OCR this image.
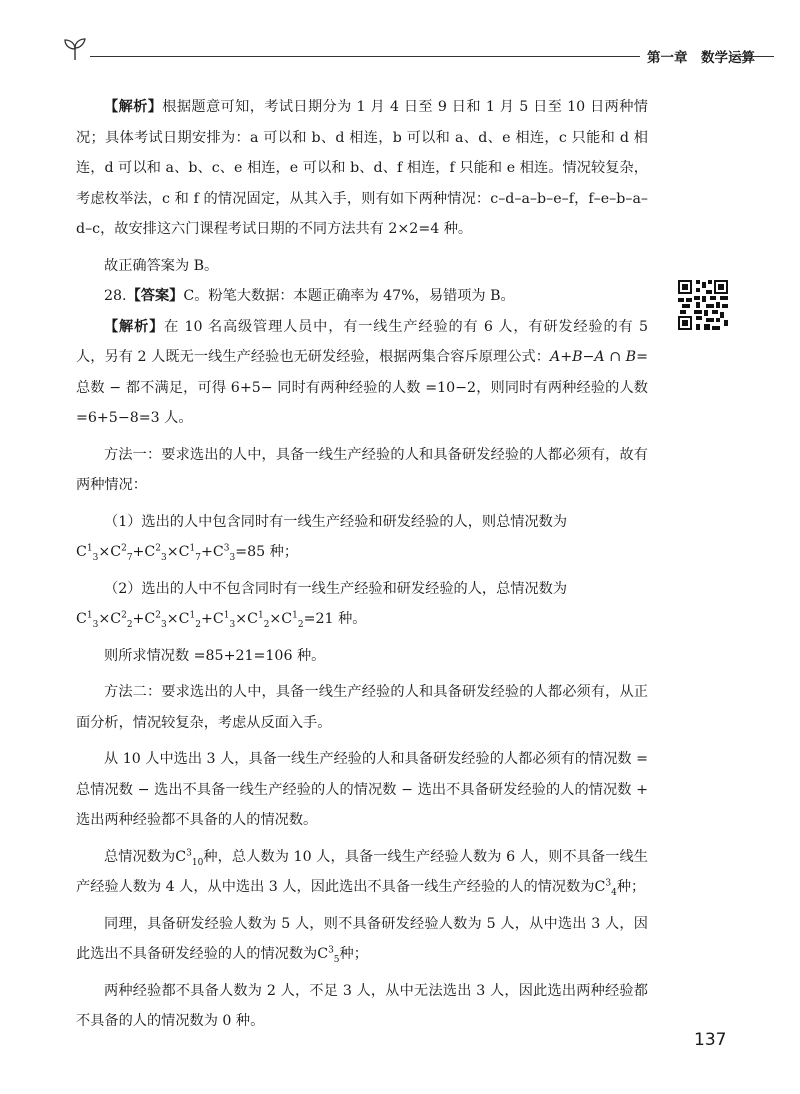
第一章　数学运算

【解析】根据题意可知，考试日期分为 1 月 4 日至 9 日和 1 月 5 日至 10 日两种情况；具体考试日期安排为：a 可以和 b、d 相连，b 可以和 a、d、e 相连，c 只能和 d 相连，d 可以和 a、b、c、e 相连，e 可以和 b、d、f 相连，f 只能和 e 相连。情况较复杂，考虑枚举法，c 和 f 的情况固定，从其入手，则有如下两种情况：c–d–a–b–e–f，f–e–b–a–d–c，故安排这六门课程考试日期的不同方法共有 2×2=4 种。

故正确答案为 B。

28.【答案】C。粉笔大数据：本题正确率为 47%，易错项为 B。

【解析】在 10 名高级管理人员中，有一线生产经验的有 6 人，有研发经验的有 5 人，另有 2 人既无一线生产经验也无研发经验，根据两集合容斥原理公式：A+B−A ∩ B= 总数 − 都不满足，可得 6+5− 同时有两种经验的人数 =10−2，则同时有两种经验的人数 =6+5−8=3 人。

方法一：要求选出的人中，具备一线生产经验的人和具备研发经验的人都必须有，故有两种情况：

（1）选出的人中包含同时有一线生产经验和研发经验的人，则总情况数为
$C^1_3\times C^2_7+C^2_3\times C^1_7+C^3_3=85$ 种；

（2）选出的人中不包含同时有一线生产经验和研发经验的人，总情况数为
$C^1_3\times C^2_2+C^2_3\times C^1_2+C^1_3\times C^1_2\times C^1_2=21$ 种。

则所求情况数 =85+21=106 种。

方法二：要求选出的人中，具备一线生产经验的人和具备研发经验的人都必须有，从正面分析，情况较复杂，考虑从反面入手。

从 10 人中选出 3 人，具备一线生产经验的人和具备研发经验的人都必须有的情况数 = 总情况数 − 选出不具备一线生产经验的人的情况数 − 选出不具备研发经验的人的情况数 + 选出两种经验都不具备的人的情况数。

总情况数为$C^3_{10}$种，总人数为 10 人，具备一线生产经验人数为 6 人，则不具备一线生产经验人数为 4 人，从中选出 3 人，因此选出不具备一线生产经验的人的情况数为$C^3_4$种；

同理，具备研发经验人数为 5 人，则不具备研发经验人数为 5 人，从中选出 3 人，因此选出不具备研发经验的人的情况数为$C^3_5$种；

两种经验都不具备人数为 2 人，不足 3 人，从中无法选出 3 人，因此选出两种经验都不具备的人的情况数为 0 种。

137
